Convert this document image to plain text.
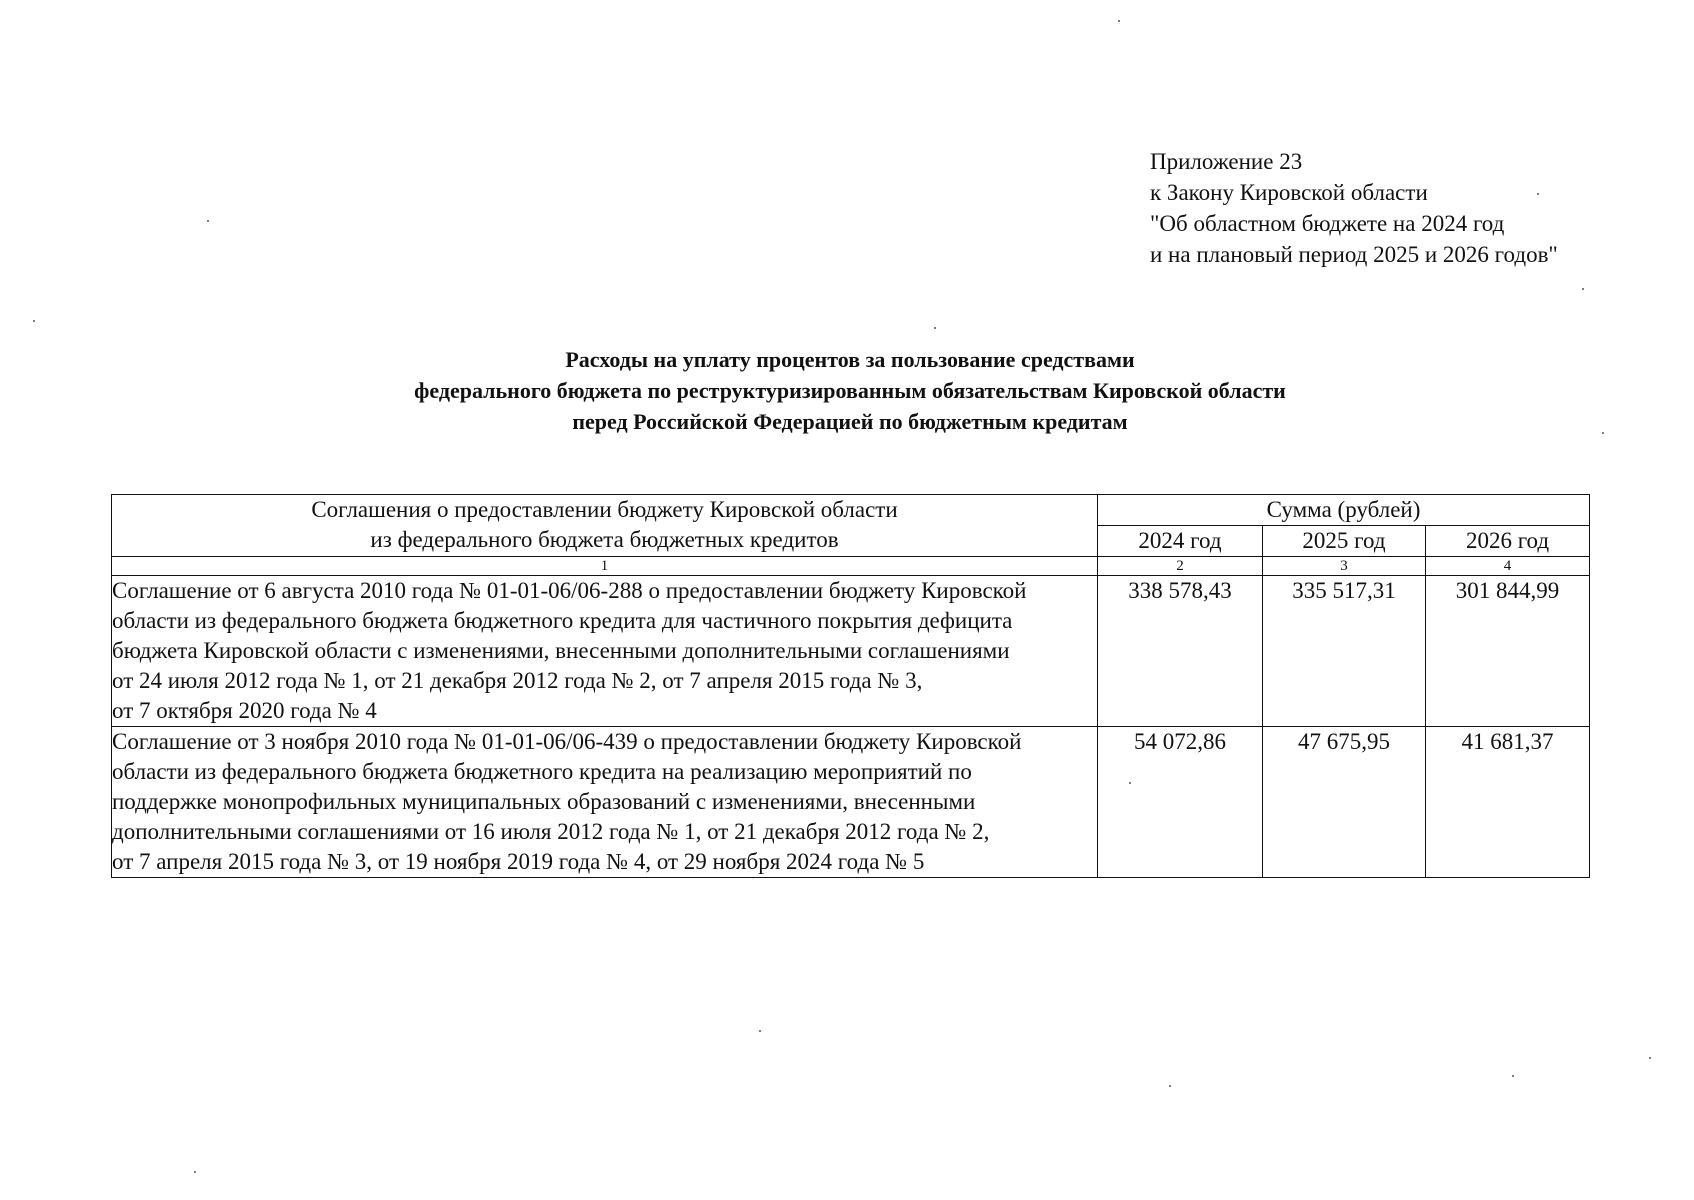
Приложение 23
к Закону Кировской области
"Об областном бюджете на 2024 год
и на плановый период 2025 и 2026 годов"
Расходы на уплату процентов за пользование средствами
федерального бюджета по реструктуризированным обязательствам Кировской области
перед Российской Федерацией по бюджетным кредитам
Соглашения о предоставлении бюджету Кировской области
из федерального бюджета бюджетных кредитов	Сумма (рублей)		
	2024 год	2025 год	2026 год
1	2	3	4

Соглашение от 6 августа 2010 года № 01-01-06/06-288 о предоставлении бюджету Кировской
области из федерального бюджета бюджетного кредита для частичного покрытия дефицита
бюджета Кировской области с изменениями, внесенными дополнительными соглашениями
от 24 июля 2012 года № 1, от 21 декабря 2012 года № 2, от 7 апреля 2015 года № 3,
от 7 октября 2020 года № 4	338 578,43	335 517,31	301 844,99

Соглашение от 3 ноября 2010 года № 01-01-06/06-439 о предоставлении бюджету Кировской
области из федерального бюджета бюджетного кредита на реализацию мероприятий по
поддержке монопрофильных муниципальных образований с изменениями, внесенными
дополнительными соглашениями от 16 июля 2012 года № 1, от 21 декабря 2012 года № 2,
от 7 апреля 2015 года № 3, от 19 ноября 2019 года № 4, от 29 ноября 2024 года № 5	54 072,86	47 675,95	41 681,37
